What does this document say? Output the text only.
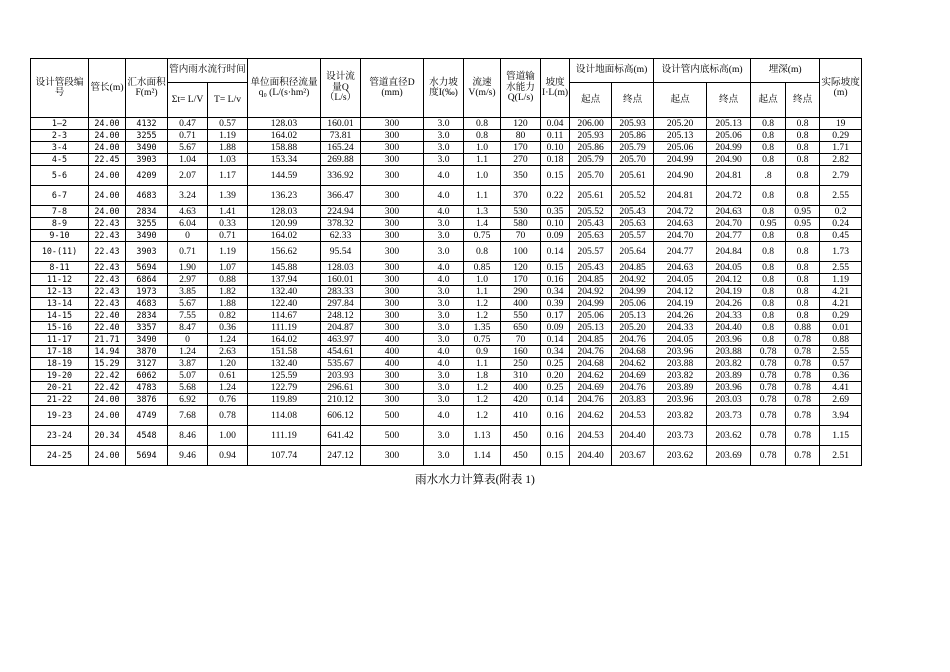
设计管段编号	管长(m)	汇水面积F(m²)	管内雨水流行时间		单位面积径流量 q₀ (L/(s·hm²)	设计流量Q（L/s）	管道直径D (mm)	水力坡度I(‰)	流速V(m/s)	管道输水能力Q(L/s)	坡度I·L(m)	设计地面标高(m)		设计管内底标高(m)		埋深(m)		实际坡度(m)
			Σt= L/V	T= L/v								起点	终点	起点	终点	起点	终点	
1—2	24.00	4132	0.47	0.57	128.03	160.01	300	3.0	0.8	120	0.04	206.00	205.93	205.20	205.13	0.8	0.8	19
2-3	24.00	3255	0.71	1.19	164.02	73.81	300	3.0	0.8	80	0.11	205.93	205.86	205.13	205.06	0.8	0.8	0.29
3-4	24.00	3490	5.67	1.88	158.88	165.24	300	3.0	1.0	170	0.10	205.86	205.79	205.06	204.99	0.8	0.8	1.71
4-5	22.45	3903	1.04	1.03	153.34	269.88	300	3.0	1.1	270	0.18	205.79	205.70	204.99	204.90	0.8	0.8	2.82
5-6	24.00	4209	2.07	1.17	144.59	336.92	300	4.0	1.0	350	0.15	205.70	205.61	204.90	204.81	.8	0.8	2.79
6-7	24.00	4683	3.24	1.39	136.23	366.47	300	4.0	1.1	370	0.22	205.61	205.52	204.81	204.72	0.8	0.8	2.55
7-8	24.00	2834	4.63	1.41	128.03	224.94	300	4.0	1.3	530	0.35	205.52	205.43	204.72	204.63	0.8	0.95	0.2
8-9	22.43	3255	6.04	0.33	120.99	378.32	300	3.0	1.4	580	0.10	205.43	205.63	204.63	204.70	0.95	0.95	0.24
9-10	22.43	3490	0	0.71	164.02	62.33	300	3.0	0.75	70	0.09	205.63	205.57	204.70	204.77	0.8	0.8	0.45
10-(11)	22.43	3903	0.71	1.19	156.62	95.54	300	3.0	0.8	100	0.14	205.57	205.64	204.77	204.84	0.8	0.8	1.73
8-11	22.43	5694	1.90	1.07	145.88	128.03	300	4.0	0.85	120	0.15	205.43	204.85	204.63	204.05	0.8	0.8	2.55
11-12	22.43	6864	2.97	0.88	137.94	160.01	300	4.0	1.0	170	0.16	204.85	204.92	204.05	204.12	0.8	0.8	1.19
12-13	22.43	1973	3.85	1.82	132.40	283.33	300	3.0	1.1	290	0.34	204.92	204.99	204.12	204.19	0.8	0.8	4.21
13-14	22.43	4683	5.67	1.88	122.40	297.84	300	3.0	1.2	400	0.39	204.99	205.06	204.19	204.26	0.8	0.8	4.21
14-15	22.40	2834	7.55	0.82	114.67	248.12	300	3.0	1.2	550	0.17	205.06	205.13	204.26	204.33	0.8	0.8	0.29
15-16	22.40	3357	8.47	0.36	111.19	204.87	300	3.0	1.35	650	0.09	205.13	205.20	204.33	204.40	0.8	0.88	0.01
11-17	21.71	3490	0	1.24	164.02	463.97	400	3.0	0.75	70	0.14	204.85	204.76	204.05	203.96	0.8	0.78	0.88
17-18	14.94	3870	1.24	2.63	151.58	454.61	400	4.0	0.9	160	0.34	204.76	204.68	203.96	203.88	0.78	0.78	2.55
18-19	15.29	3127	3.87	1.20	132.40	535.67	400	4.0	1.1	250	0.25	204.68	204.62	203.88	203.82	0.78	0.78	0.57
19-20	22.42	6062	5.07	0.61	125.59	203.93	300	3.0	1.8	310	0.20	204.62	204.69	203.82	203.89	0.78	0.78	0.36
20-21	22.42	4783	5.68	1.24	122.79	296.61	300	3.0	1.2	400	0.25	204.69	204.76	203.89	203.96	0.78	0.78	4.41
21-22	24.00	3876	6.92	0.76	119.89	210.12	300	3.0	1.2	420	0.14	204.76	203.83	203.96	203.03	0.78	0.78	2.69
19-23	24.00	4749	7.68	0.78	114.08	606.12	500	4.0	1.2	410	0.16	204.62	204.53	203.82	203.73	0.78	0.78	3.94
23-24	20.34	4548	8.46	1.00	111.19	641.42	500	3.0	1.13	450	0.16	204.53	204.40	203.73	203.62	0.78	0.78	1.15
24-25	24.00	5694	9.46	0.94	107.74	247.12	300	3.0	1.14	450	0.15	204.40	203.67	203.62	203.69	0.78	0.78	2.51
雨水水力计算表(附表 1)
